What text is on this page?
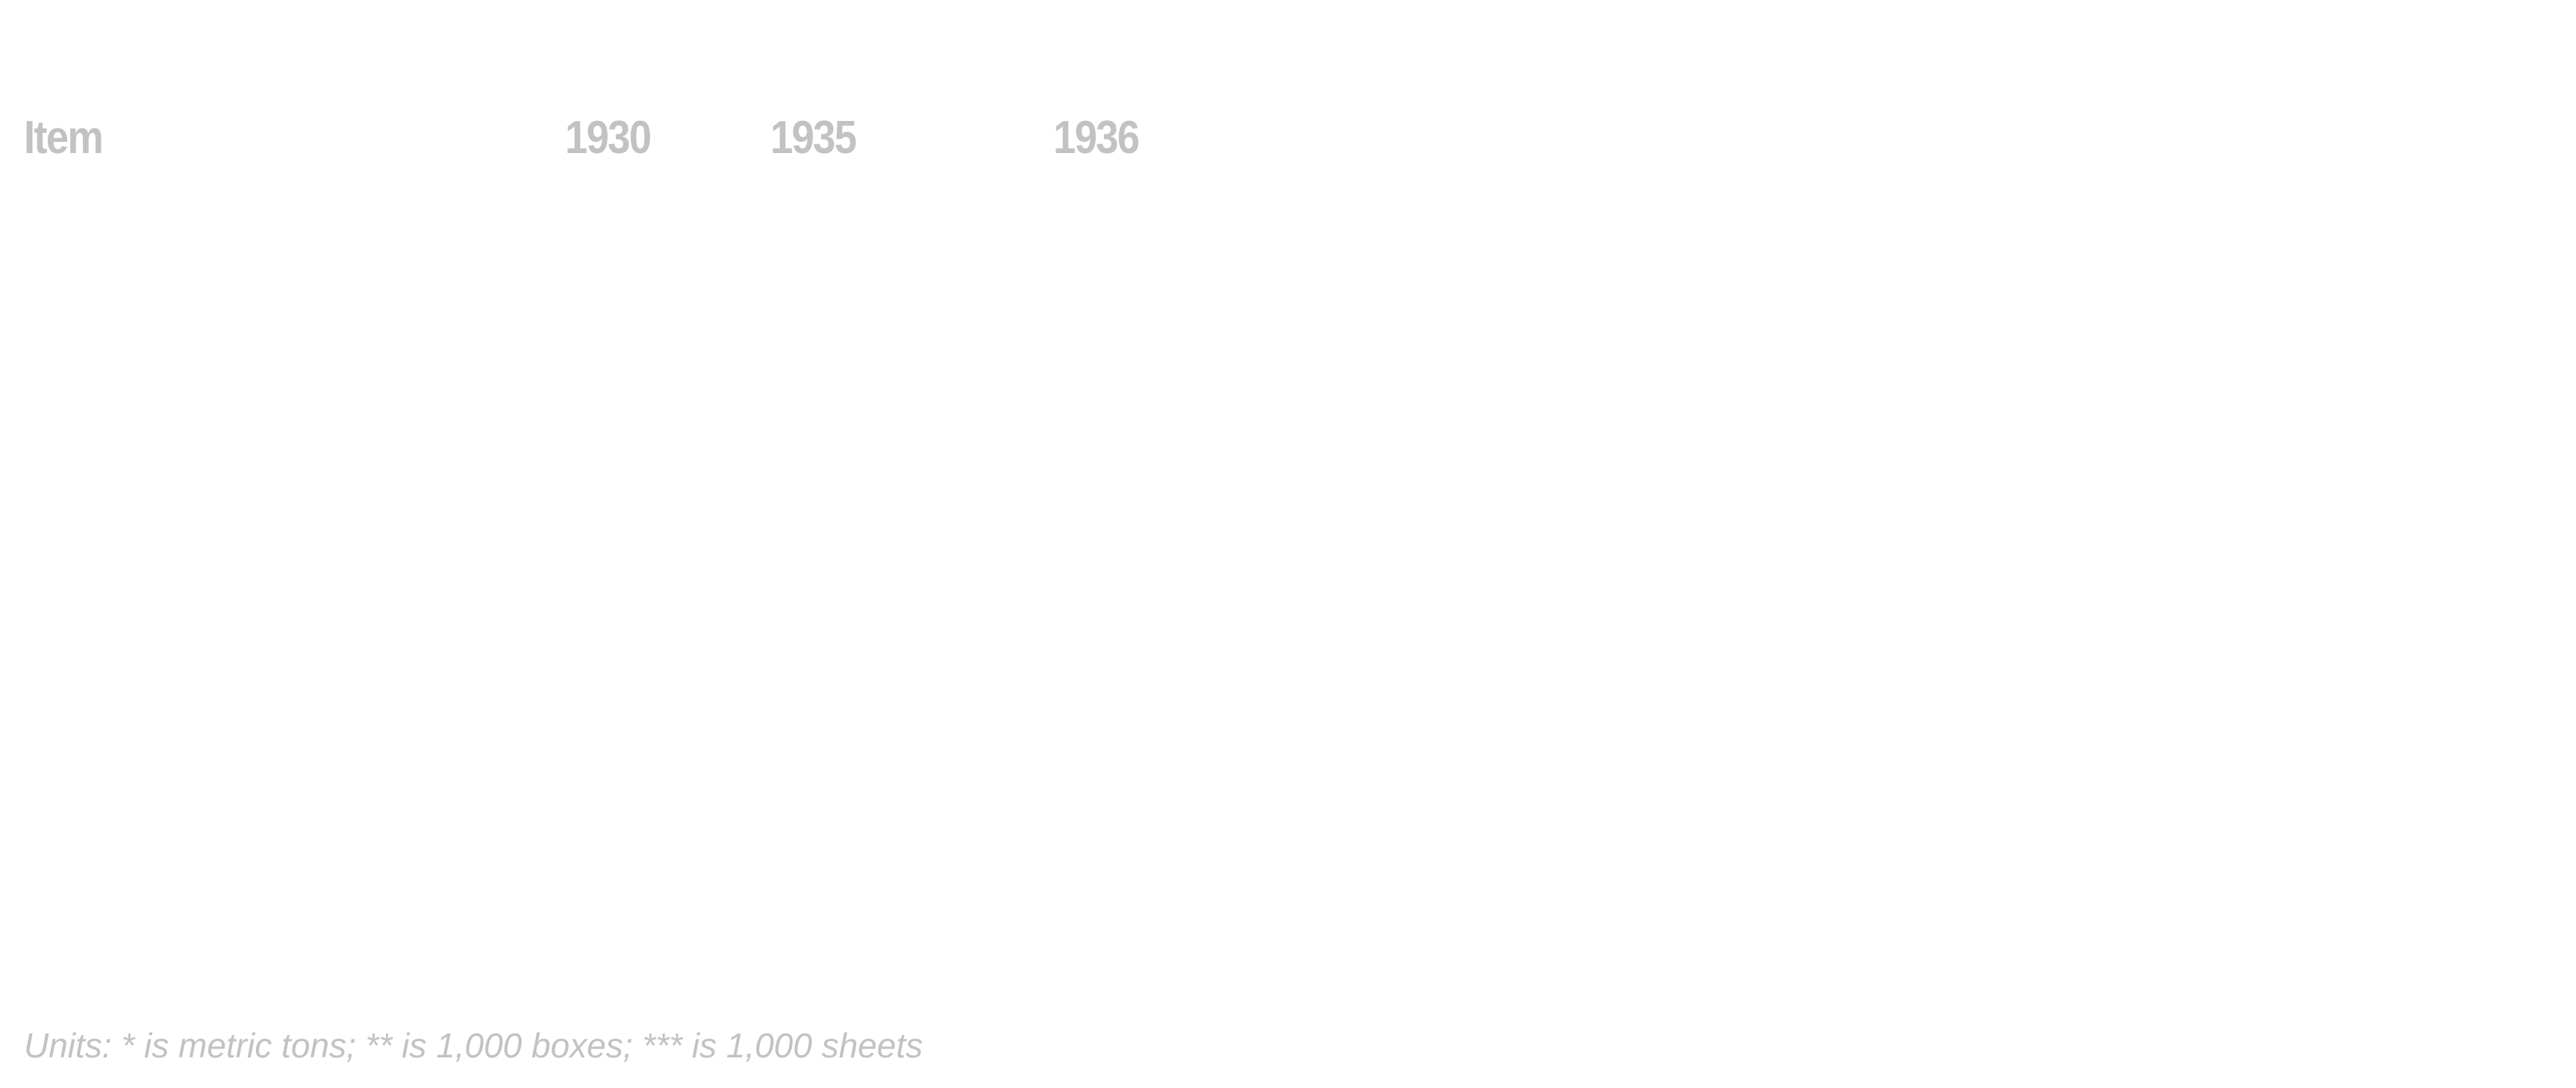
Item	1930	1935	1936
Units: * is metric tons; ** is 1,000 boxes; *** is 1,000 sheets
